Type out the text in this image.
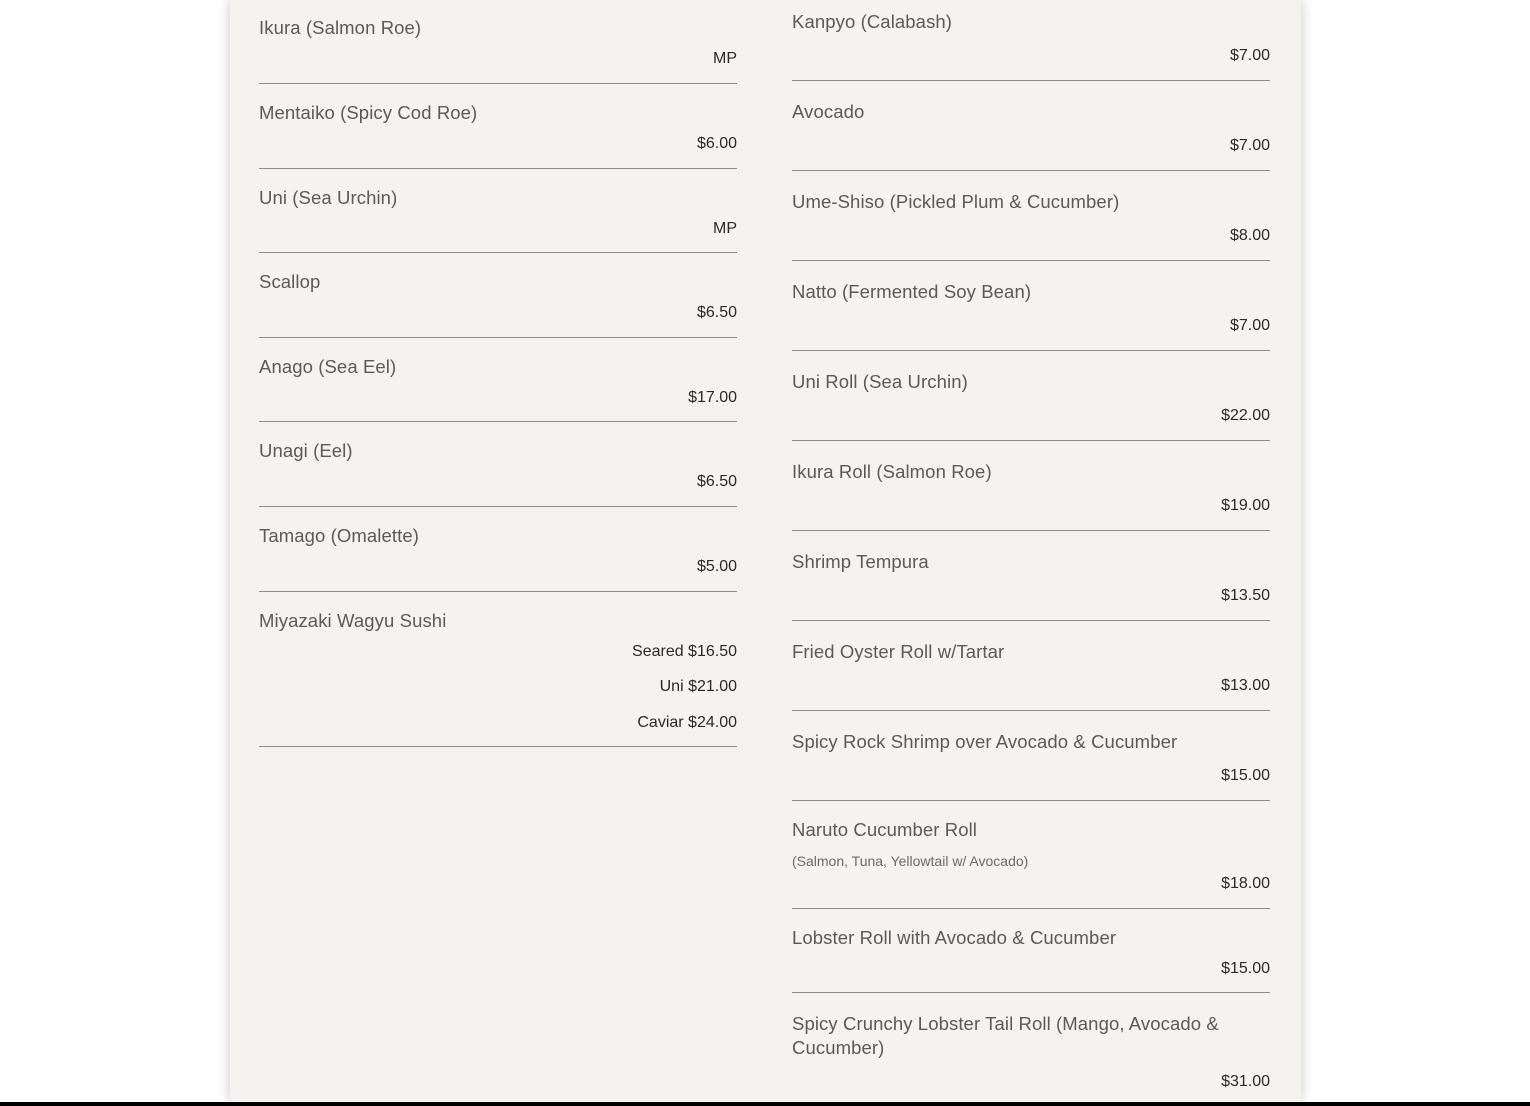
Ikura (Salmon Roe)
MP
Mentaiko (Spicy Cod Roe)
$6.00
Uni (Sea Urchin)
MP
Scallop
$6.50
Anago (Sea Eel)
$17.00
Unagi (Eel)
$6.50
Tamago (Omalette)
$5.00
Miyazaki Wagyu Sushi
Seared $16.50
Uni $21.00
Caviar $24.00
Kanpyo (Calabash)
$7.00
Avocado
$7.00
Ume-Shiso (Pickled Plum & Cucumber)
$8.00
Natto (Fermented Soy Bean)
$7.00
Uni Roll (Sea Urchin)
$22.00
Ikura Roll (Salmon Roe)
$19.00
Shrimp Tempura
$13.50
Fried Oyster Roll w/Tartar
$13.00
Spicy Rock Shrimp over Avocado & Cucumber
$15.00
Naruto Cucumber Roll
(Salmon, Tuna, Yellowtail w/ Avocado)
$18.00
Lobster Roll with Avocado & Cucumber
$15.00
Spicy Crunchy Lobster Tail Roll (Mango, Avocado & Cucumber)
$31.00
